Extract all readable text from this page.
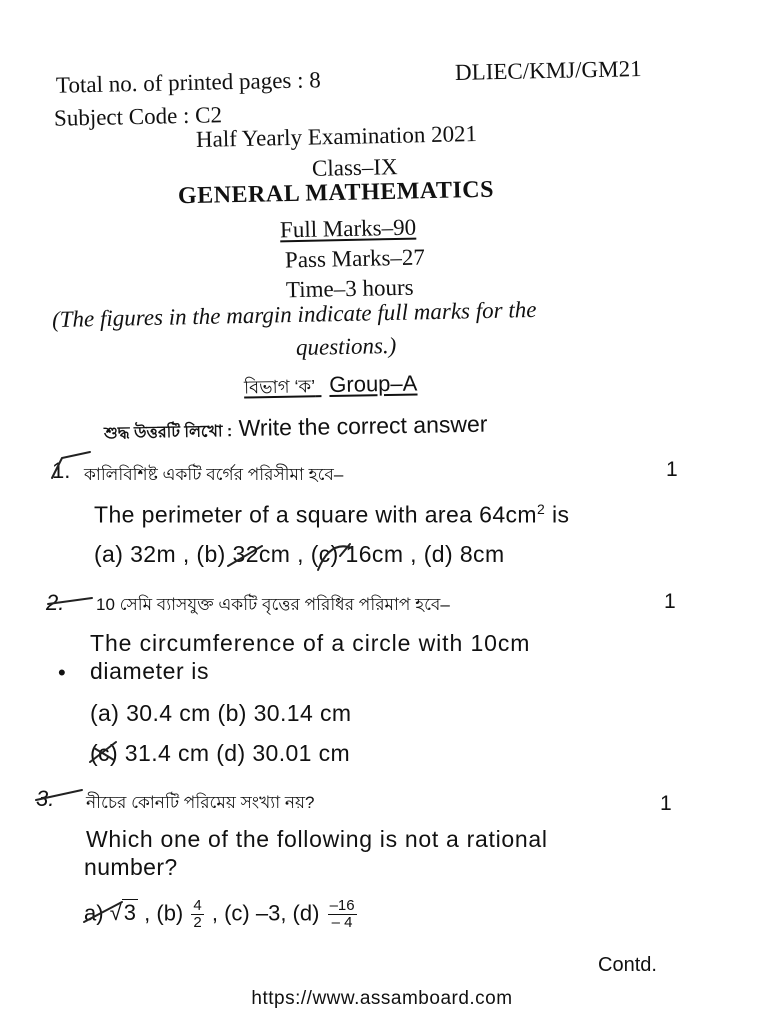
Total no. of printed pages : 8	DLIEC/KMJ/GM21
Subject Code : C2
Half Yearly Examination 2021
Class–IX
GENERAL MATHEMATICS
Full Marks–90
Pass Marks–27
Time–3 hours
(The figures in the margin indicate full marks for the
questions.)
বিভাগ ‘ক’ Group–A
শুদ্ধ উত্তরটি লিখো : Write the correct answer
1. কালিবিশিষ্ট একটি বর্গের পরিসীমা হবে–	1
The perimeter of a square with area $64cm^2$ is
(a) 32m , (b) 32cm , (c) 16cm , (d) 8cm
2. 10 সেমি ব্যাসযুক্ত একটি বৃত্তের পরিধির পরিমাপ হবে–	1
The circumference of a circle with 10cm
• diameter is
(a) 30.4 cm (b) 30.14 cm
(c) 31.4 cm (d) 30.01 cm
3. নীচের কোনটি পরিমেয় সংখ্যা নয়?	1
Which one of the following is not a rational
number?
a) √3 , $(b) \frac{4}{2}$ , (c) –3, $(d) \frac{-16}{- 4}$
Contd.
https://www.assamboard.com
